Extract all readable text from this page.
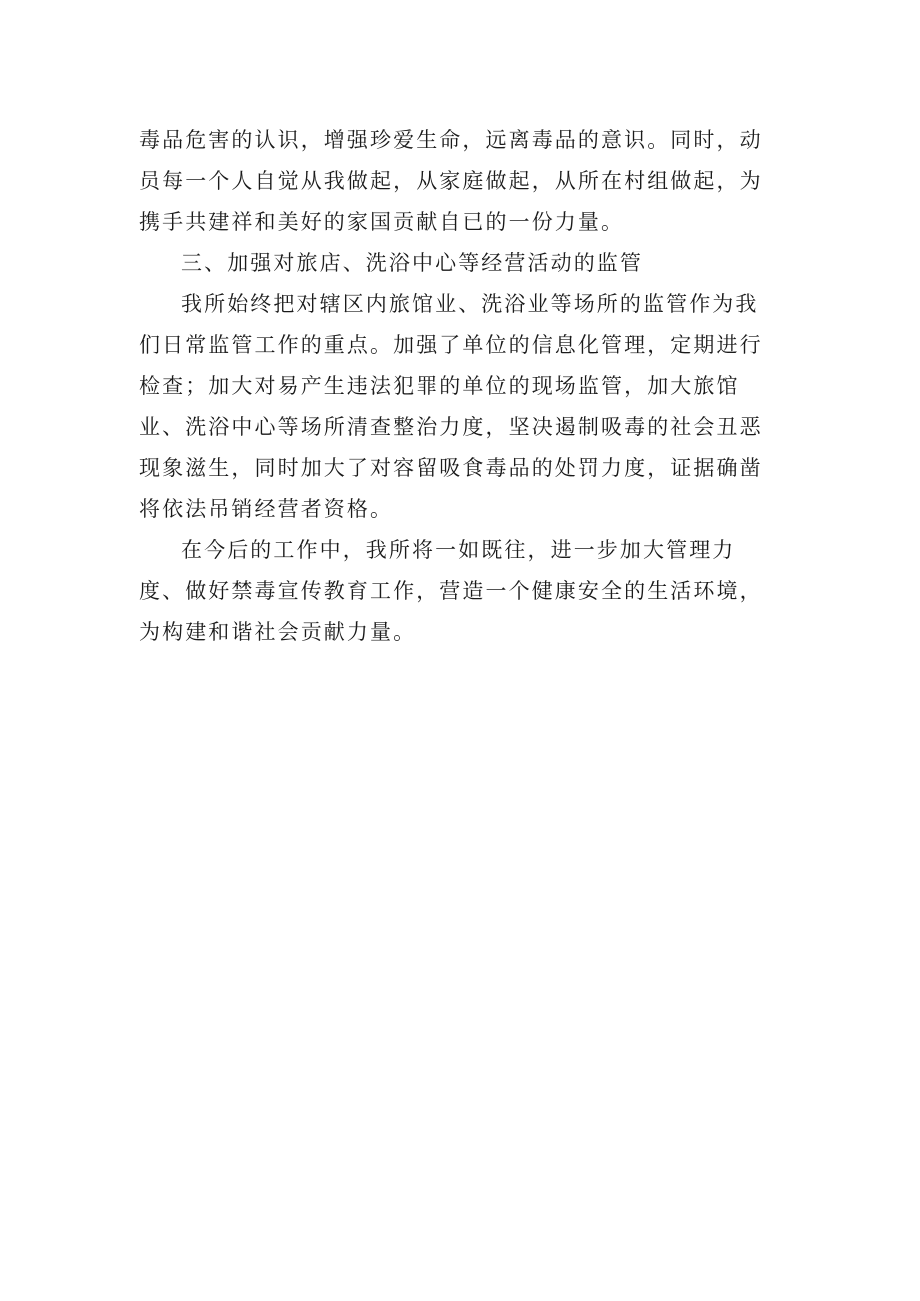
毒品危害的认识，增强珍爱生命，远离毒品的意识。同时，动
员每一个人自觉从我做起，从家庭做起，从所在村组做起，为
携手共建祥和美好的家国贡献自已的一份力量。
三、加强对旅店、洗浴中心等经营活动的监管
我所始终把对辖区内旅馆业、洗浴业等场所的监管作为我
们日常监管工作的重点。加强了单位的信息化管理，定期进行
检查；加大对易产生违法犯罪的单位的现场监管，加大旅馆
业、洗浴中心等场所清查整治力度，坚决遏制吸毒的社会丑恶
现象滋生，同时加大了对容留吸食毒品的处罚力度，证据确凿
将依法吊销经营者资格。
在今后的工作中，我所将一如既往，进一步加大管理力
度、做好禁毒宣传教育工作，营造一个健康安全的生活环境，
为构建和谐社会贡献力量。
